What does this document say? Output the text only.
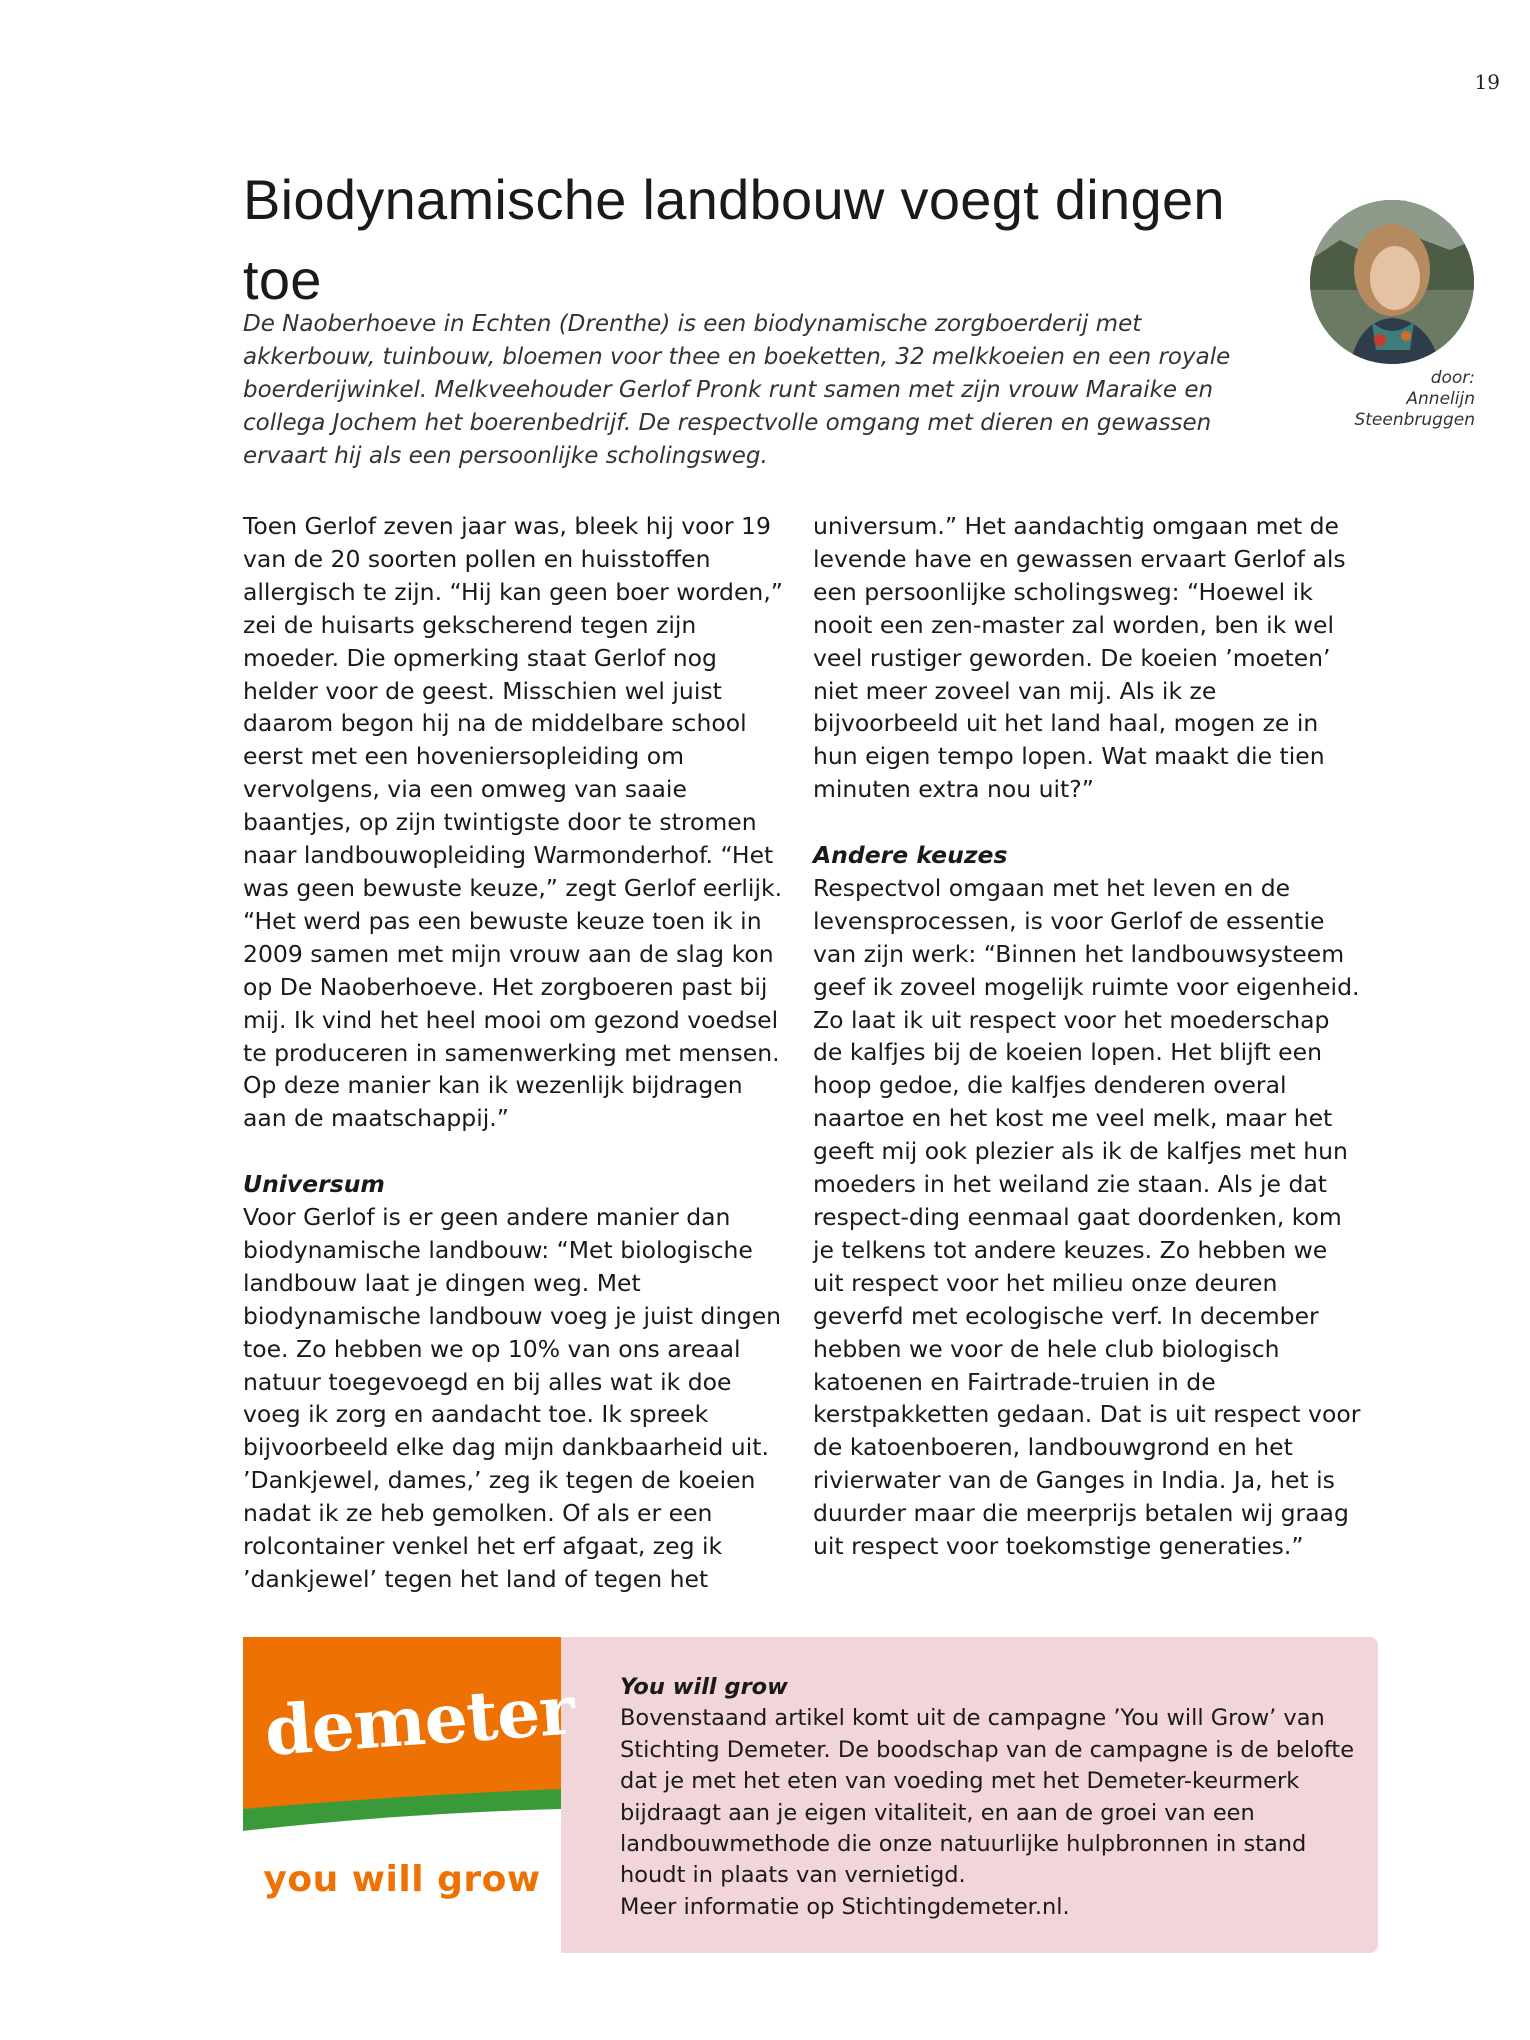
19
Biodynamische landbouw voegt dingen toe
door:
Annelijn
Steenbruggen
De Naoberhoeve in Echten (Drenthe) is een biodynamische zorgboerderij met akkerbouw, tuinbouw, bloemen voor thee en boeketten, 32 melkkoeien en een royale boerderijwinkel. Melkveehouder Gerlof Pronk runt samen met zijn vrouw Maraike en collega Jochem het boerenbedrijf. De respectvolle omgang met dieren en gewassen ervaart hij als een persoonlijke scholingsweg.

Toen Gerlof zeven jaar was, bleek hij voor 19 van de 20 soorten pollen en huisstoffen allergisch te zijn. “Hij kan geen boer worden,” zei de huisarts gekscherend tegen zijn moeder. Die opmerking staat Gerlof nog helder voor de geest. Misschien wel juist daarom begon hij na de middelbare school eerst met een hoveniersopleiding om vervolgens, via een omweg van saaie baantjes, op zijn twintigste door te stromen naar landbouwopleiding Warmonderhof. “Het was geen bewuste keuze,” zegt Gerlof eerlijk. “Het werd pas een bewuste keuze toen ik in 2009 samen met mijn vrouw aan de slag kon op De Naoberhoeve. Het zorgboeren past bij mij. Ik vind het heel mooi om gezond voedsel te produceren in samenwerking met mensen. Op deze manier kan ik wezenlijk bijdragen aan de maatschappij.”

Universum

Voor Gerlof is er geen andere manier dan biodynamische landbouw: “Met biologische landbouw laat je dingen weg. Met biodynamische landbouw voeg je juist dingen toe. Zo hebben we op 10% van ons areaal natuur toegevoegd en bij alles wat ik doe voeg ik zorg en aandacht toe. Ik spreek bijvoorbeeld elke dag mijn dankbaarheid uit. ’Dankjewel, dames,’ zeg ik tegen de koeien nadat ik ze heb gemolken. Of als er een rolcontainer venkel het erf afgaat, zeg ik ’dankjewel’ tegen het land of tegen het

universum.” Het aandachtig omgaan met de levende have en gewassen ervaart Gerlof als een persoonlijke scholingsweg: “Hoewel ik nooit een zen-master zal worden, ben ik wel veel rustiger geworden. De koeien ’moeten’ niet meer zoveel van mij. Als ik ze bijvoorbeeld uit het land haal, mogen ze in hun eigen tempo lopen. Wat maakt die tien minuten extra nou uit?”

Andere keuzes

Respectvol omgaan met het leven en de levensprocessen, is voor Gerlof de essentie van zijn werk: “Binnen het landbouwsysteem geef ik zoveel mogelijk ruimte voor eigenheid. Zo laat ik uit respect voor het moederschap de kalfjes bij de koeien lopen. Het blijft een hoop gedoe, die kalfjes denderen overal naartoe en het kost me veel melk, maar het geeft mij ook plezier als ik de kalfjes met hun moeders in het weiland zie staan. Als je dat respect-ding eenmaal gaat doordenken, kom je telkens tot andere keuzes. Zo hebben we uit respect voor het milieu onze deuren geverfd met ecologische verf. In december hebben we voor de hele club biologisch katoenen en Fairtrade-truien in de kerstpakketten gedaan. Dat is uit respect voor de katoenboeren, landbouwgrond en het rivierwater van de Ganges in India. Ja, het is duurder maar die meerprijs betalen wij graag uit respect voor toekomstige generaties.”

demeter
you will grow
You will grow
Bovenstaand artikel komt uit de campagne ’You will Grow’ van Stichting Demeter. De boodschap van de campagne is de belofte dat je met het eten van voeding met het Demeter-keurmerk bijdraagt aan je eigen vitaliteit, en aan de groei van een landbouwmethode die onze natuurlijke hulpbronnen in stand houdt in plaats van vernietigd.
Meer informatie op Stichtingdemeter.nl.
